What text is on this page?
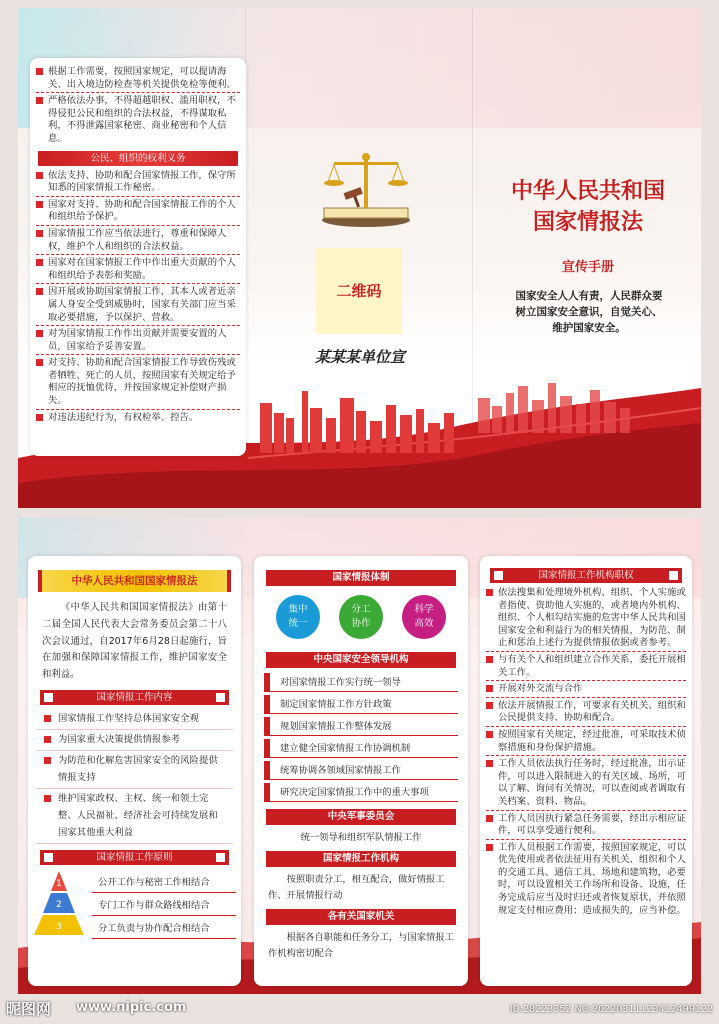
根据工作需要，按照国家规定，可以提请海关、出入境边防检查等机关提供免检等便利。
严格依法办事，不得超越职权、滥用职权，不得侵犯公民和组织的合法权益，不得谋取私利，不得泄露国家秘密、商业秘密和个人信息。
公民、组织的权利义务
依法支持、协助和配合国家情报工作，保守所知悉的国家情报工作秘密。
国家对支持、协助和配合国家情报工作的个人和组织给予保护。
国家情报工作应当依法进行，尊重和保障人权，维护个人和组织的合法权益。
国家对在国家情报工作中作出重大贡献的个人和组织给予表彰和奖励。
因开展或协助国家情报工作，其本人或者近亲属人身安全受到威胁时，国家有关部门应当采取必要措施，予以保护、营救。
对为国家情报工作作出贡献并需要安置的人员，国家给予妥善安置。
对支持、协助和配合国家情报工作导致伤残或者牺牲、死亡的人员，按照国家有关规定给予相应的抚恤优待，并按国家规定补偿财产损失。
对违法违纪行为，有权检举、控告。
二维码
某某某单位宣
中华人民共和国
国家情报法
宣传手册
国家安全人人有责，人民群众要
树立国家安全意识，自觉关心、
维护国家安全。
中华人民共和国国家情报法
《中华人民共和国国家情报法》由第十二届全国人民代表大会常务委员会第二十八次会议通过，自2017年6月28日起施行，旨在加强和保障国家情报工作，维护国家安全和利益。
国家情报工作内容
国家情报工作坚持总体国家安全观
为国家重大决策提供情报参考
为防范和化解危害国家安全的风险提供情报支持
维护国家政权、主权、统一和领土完整、人民福祉、经济社会可持续发展和国家其他重大利益
国家情报工作原则
1
2
3
公开工作与秘密工作相结合
专门工作与群众路线相结合
分工负责与协作配合相结合
国家情报体制
集中
统一
分工
协作
科学
高效
中央国家安全领导机构
对国家情报工作实行统一领导
制定国家情报工作方针政策
规划国家情报工作整体发展
建立健全国家情报工作协调机制
统筹协调各领域国家情报工作
研究决定国家情报工作中的重大事项
中央军事委员会
统一领导和组织军队情报工作
国家情报工作机构
按照职责分工，相互配合，做好情报工作、开展情报行动
各有关国家机关
根据各自职能和任务分工，与国家情报工作机构密切配合
国家情报工作机构职权
依法搜集和处理境外机构、组织、个人实施或者指使、资助他人实施的，或者境内外机构、组织、个人相勾结实施的危害中华人民共和国国家安全和利益行为的相关情报，为防范、制止和惩治上述行为提供情报依据或者参考。
与有关个人和组织建立合作关系，委托开展相关工作。
开展对外交流与合作
依法开展情报工作，可要求有关机关、组织和公民提供支持、协助和配合。
按照国家有关规定，经过批准，可采取技术侦察措施和身份保护措施。
工作人员依法执行任务时，经过批准，出示证件，可以进入限制进入的有关区域、场所，可以了解、询问有关情况，可以查阅或者调取有关档案、资料、物品。
工作人员因执行紧急任务需要，经出示相应证件，可以享受通行便利。
工作人员根据工作需要，按照国家规定，可以优先使用或者依法征用有关机关、组织和个人的交通工具、通信工具、场地和建筑物，必要时，可以设置相关工作场所和设备、设施，任务完成后应当及时归还或者恢复原状，并依照规定支付相应费用；造成损失的，应当补偿。
昵图网 www.nipic.com	ID:28223352 NO:20220311123412499122
